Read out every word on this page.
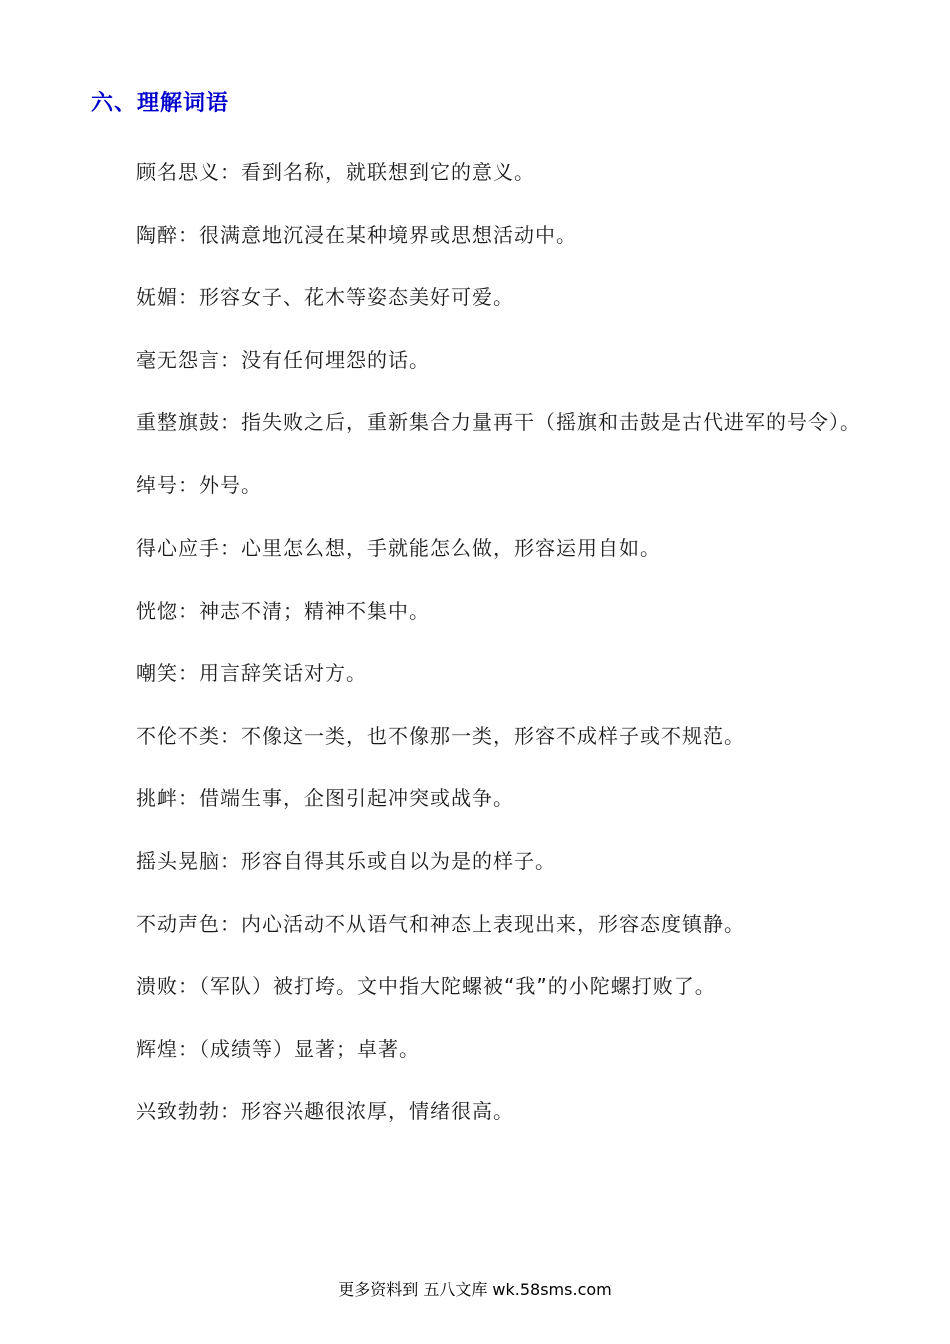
六、理解词语

顾名思义：看到名称，就联想到它的意义。

陶醉：很满意地沉浸在某种境界或思想活动中。

妩媚：形容女子、花木等姿态美好可爱。

毫无怨言：没有任何埋怨的话。

重整旗鼓：指失败之后，重新集合力量再干（摇旗和击鼓是古代进军的号令）。

绰号：外号。

得心应手：心里怎么想，手就能怎么做，形容运用自如。

恍惚：神志不清；精神不集中。

嘲笑：用言辞笑话对方。

不伦不类：不像这一类，也不像那一类，形容不成样子或不规范。

挑衅：借端生事，企图引起冲突或战争。

摇头晃脑：形容自得其乐或自以为是的样子。

不动声色：内心活动不从语气和神态上表现出来，形容态度镇静。

溃败：（军队）被打垮。文中指大陀螺被“我”的小陀螺打败了。

辉煌：（成绩等）显著；卓著。

兴致勃勃：形容兴趣很浓厚，情绪很高。

更多资料到 五八文库 wk.58sms.com
